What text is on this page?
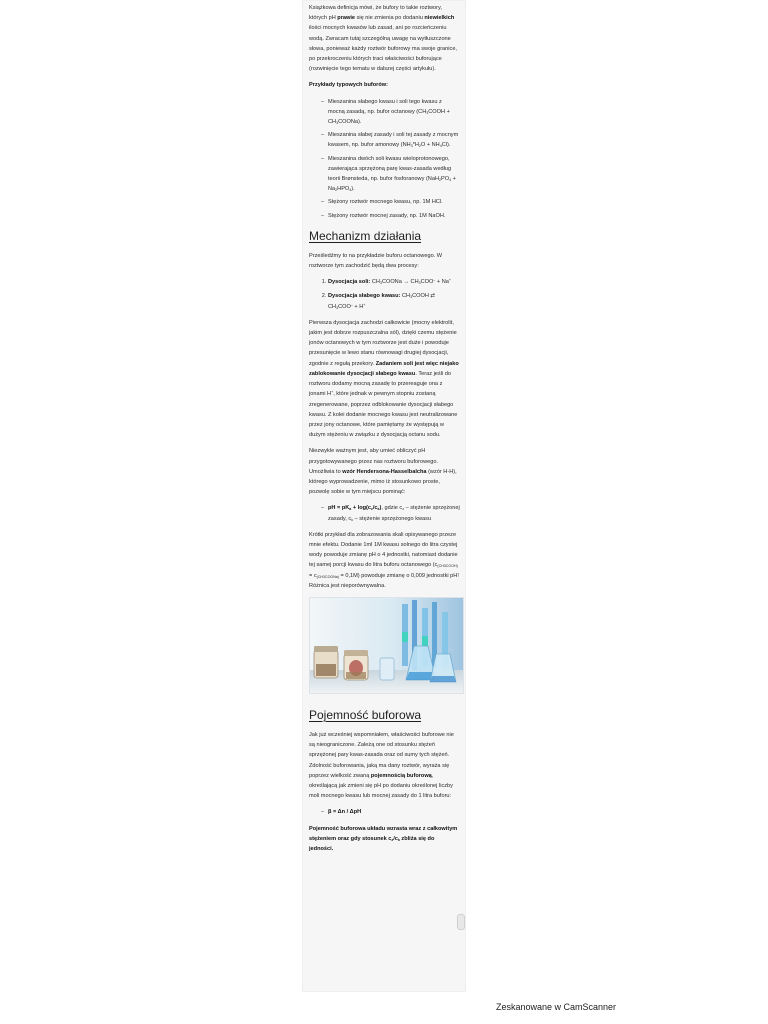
Książkowa definicja mówi, że bufory to takie roztwory, których pH prawie się nie zmienia po dodaniu niewielkich ilości mocnych kwasów lub zasad, ani po rozcieńczeniu wodą. Zwracam tutaj szczególną uwagę na wytłuszczone słowa, ponieważ każdy roztwór buforowy ma swoje granice, po przekroczeniu których traci właściwości buforujące (rozwinięcie tego tematu w dalszej części artykułu).

Przykłady typowych buforów:

– Mieszanina słabego kwasu i soli tego kwasu z mocną zasadą, np. bufor octanowy ($CH_3COOH$ + $CH_3COONa$).
– Mieszanina słabej zasady i soli tej zasady z mocnym kwasem, np. bufor amonowy $(NH_3*H_2O + NH_4Cl)$.
– Mieszanina dwóch soli kwasu wieloprotonowego, zawierająca sprzężoną parę kwas-zasada według teorii Brønsteda, np. bufor fosforanowy $(NaH_2PO_4 + Na_2HPO_4)$.
– Stężony roztwór mocnego kwasu, np. 1M HCl.
– Stężony roztwór mocnej zasady, np. 1M NaOH.
Mechanizm działania

Prześledźmy to na przykładzie buforu octanowego. W roztworze tym zachodzić będą dwa procesy:

1. Dysocjacja soli: $CH_3COONa \to CH_3COO^- + Na^+$
2. Dysocjacja słabego kwasu: $CH_3COOH$ ⇄ $CH_3COO^- + H^+$

Pierwsza dysocjacja zachodzi całkowicie (mocny elektrolit, jakim jest dobrze rozpuszczalna sól), dzięki czemu stężenie jonów octanowych w tym roztworze jest duże i powoduje przesunięcie w lewo stanu równowagi drugiej dysocjacji, zgodnie z regułą przekory. Zadaniem soli jest więc niejako zablokowanie dysocjacji słabego kwasu. Teraz jeśli do roztworu dodamy mocną zasadę to przereaguje ona z jonami H+, które jednak w pewnym stopniu zostaną zregenerowane, poprzez odblokowanie dysocjacji słabego kwasu. Z kolei dodanie mocnego kwasu jest neutralizowane przez jony octanowe, które pamiętamy że występują w dużym stężeniu w związku z dysocjacją octanu sodu.

Niezwykle ważnym jest, aby umieć obliczyć pH przygotowywanego przez nas roztworu buforowego. Umożliwia to wzór Hendersona-Hasselbalcha (wzór H-H), którego wyprowadzenie, mimo iż stosunkowo proste, pozwolę sobie w tym miejscu pominąć:

– pH = $pK_a + \log(c_z/c_k)$, gdzie $c_z$ – stężenie sprzężonej zasady, $c_k$ – stężenie sprzężonego kwasu

Krótki przykład dla zobrazowania skali opisywanego przeze mnie efektu. Dodanie 1ml 1M kwasu solnego do litra czystej wody powoduje zmianę pH o 4 jednostki, natomiast dodanie tej samej porcji kwasu do litra buforu octanowego $(c_{(CH3COOH)} = c_{(CH3COONa)} = 0,1M)$ powoduje zmianę o 0,009 jednostki pH! Różnica jest nieporównywalna.

Pojemność buforowa

Jak już wcześniej wspomniałem, właściwości buforowe nie są nieograniczone. Zależą one od stosunku stężeń sprzężonej pary kwas-zasada oraz od sumy tych stężeń. Zdolność buforowania, jaką ma dany roztwór, wyraża się poprzez wielkość zwaną pojemnością buforową, określającą jak zmieni się pH po dodaniu określonej liczby moli mocnego kwasu lub mocnej zasady do 1 litra buforu:

– β = Δn / ΔpH

Pojemność buforowa układu wzrasta wraz z całkowitym stężeniem oraz gdy stosunek $c_z/c_k$ zbliża się do jedności.

Zeskanowane w CamScanner
